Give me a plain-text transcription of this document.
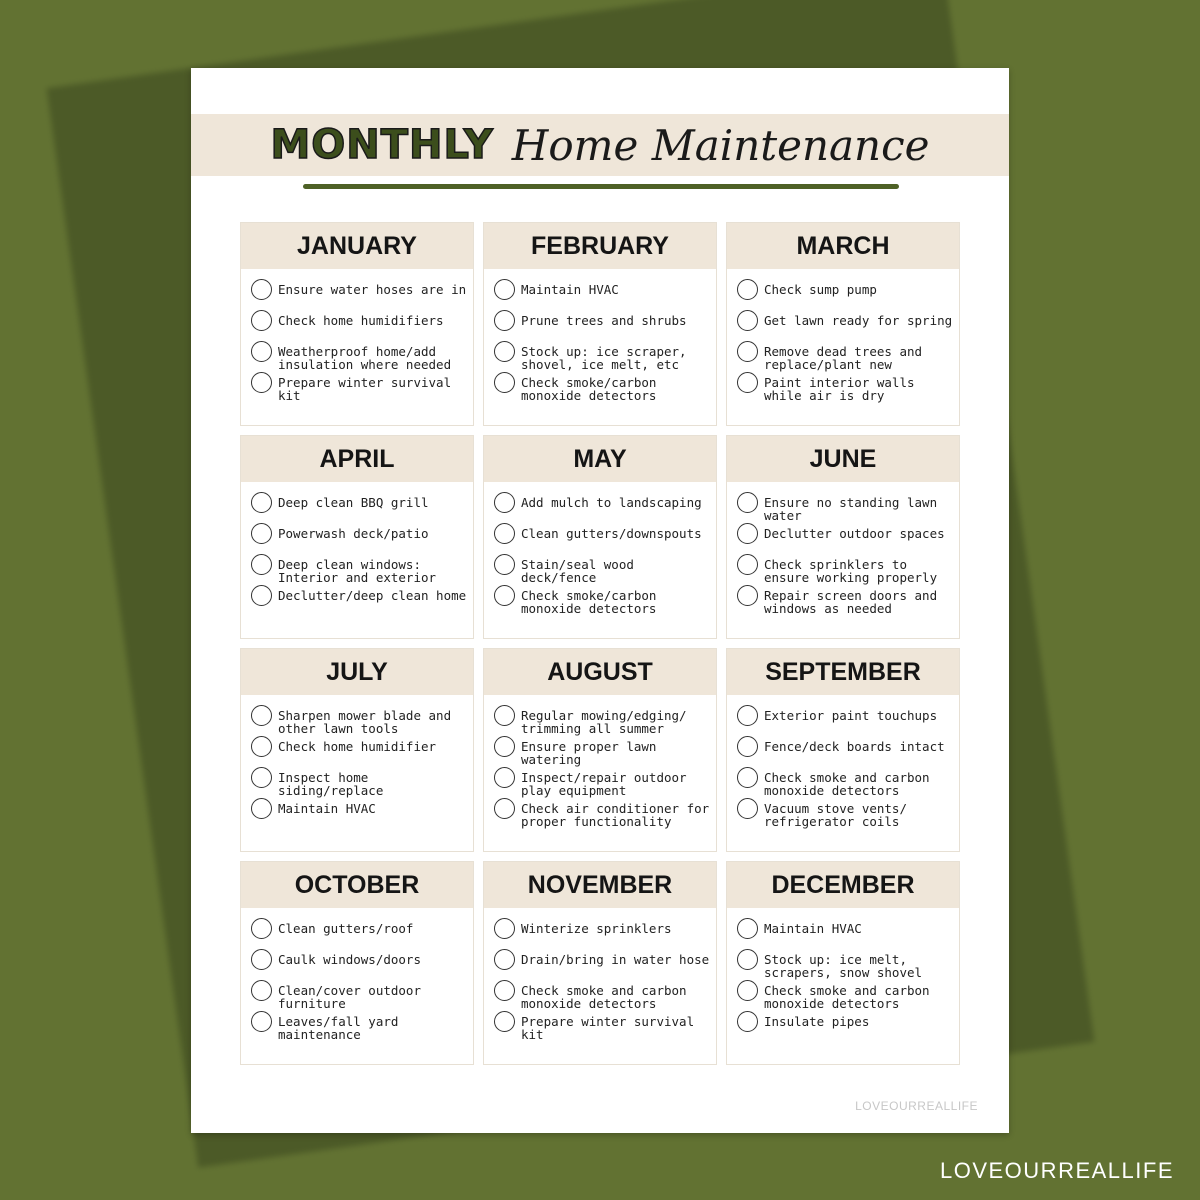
MONTHLY Home Maintenance
JANUARY
Ensure water hoses are in
Check home humidifiers
Weatherproof home/add insulation where needed
Prepare winter survival kit
FEBRUARY
Maintain HVAC
Prune trees and shrubs
Stock up: ice scraper, shovel, ice melt, etc
Check smoke/carbon monoxide detectors
MARCH
Check sump pump
Get lawn ready for spring
Remove dead trees and replace/plant new
Paint interior walls while air is dry
APRIL
Deep clean BBQ grill
Powerwash deck/patio
Deep clean windows: Interior and exterior
Declutter/deep clean home
MAY
Add mulch to landscaping
Clean gutters/downspouts
Stain/seal wood deck/fence
Check smoke/carbon monoxide detectors
JUNE
Ensure no standing lawn water
Declutter outdoor spaces
Check sprinklers to ensure working properly
Repair screen doors and windows as needed
JULY
Sharpen mower blade and other lawn tools
Check home humidifier
Inspect home siding/replace
Maintain HVAC
AUGUST
Regular mowing/edging/ trimming all summer
Ensure proper lawn watering
Inspect/repair outdoor play equipment
Check air conditioner for proper functionality
SEPTEMBER
Exterior paint touchups
Fence/deck boards intact
Check smoke and carbon monoxide detectors
Vacuum stove vents/ refrigerator coils
OCTOBER
Clean gutters/roof
Caulk windows/doors
Clean/cover outdoor furniture
Leaves/fall yard maintenance
NOVEMBER
Winterize sprinklers
Drain/bring in water hose
Check smoke and carbon monoxide detectors
Prepare winter survival kit
DECEMBER
Maintain HVAC
Stock up: ice melt, scrapers, snow shovel
Check smoke and carbon monoxide detectors
Insulate pipes
LOVEOURREALLIFE
LOVEOURREALLIFE
